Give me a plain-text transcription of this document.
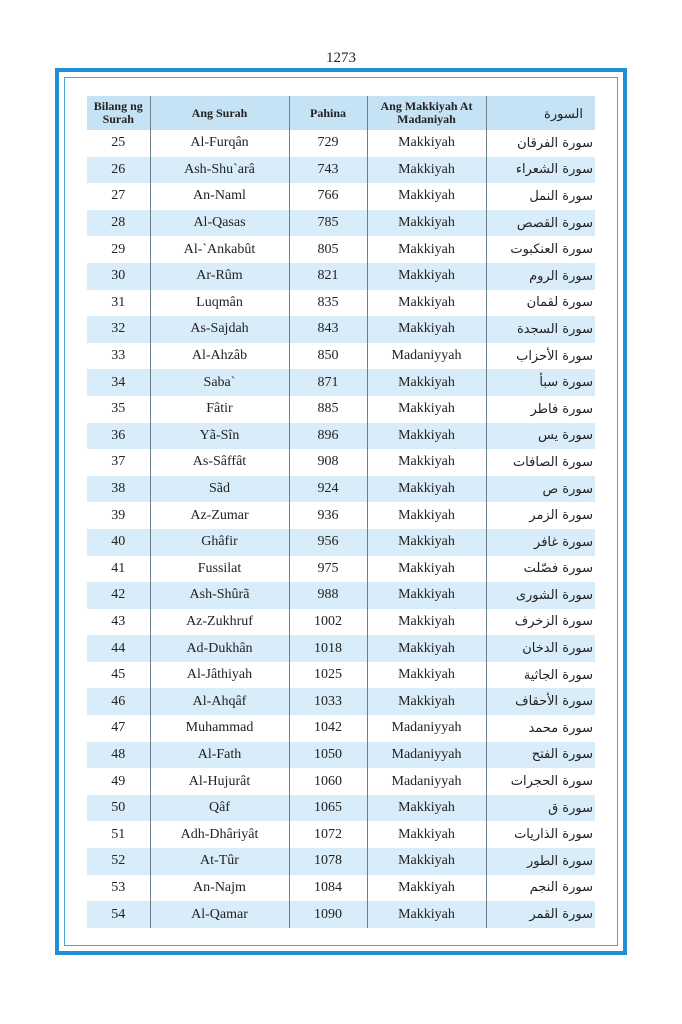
1273
Bilang ng Surah	Ang Surah	Pahina	Ang Makkiyah At Madaniyah	السورة
25	Al-Furqân	729	Makkiyah	سورة الفرقان
26	Ash-Shu`arâ	743	Makkiyah	سورة الشعراء
27	An-Naml	766	Makkiyah	سورة النمل
28	Al-Qasas	785	Makkiyah	سورة القصص
29	Al-`Ankabût	805	Makkiyah	سورة العنكبوت
30	Ar-Rûm	821	Makkiyah	سورة الروم
31	Luqmân	835	Makkiyah	سورة لقمان
32	As-Sajdah	843	Makkiyah	سورة السجدة
33	Al-Ahzâb	850	Madaniyyah	سورة الأحزاب
34	Saba`	871	Makkiyah	سورة سبأ
35	Fâtir	885	Makkiyah	سورة فاطر
36	Yã-Sîn	896	Makkiyah	سورة يس
37	As-Sâffât	908	Makkiyah	سورة الصافات
38	Sãd	924	Makkiyah	سورة ص
39	Az-Zumar	936	Makkiyah	سورة الزمر
40	Ghâfir	956	Makkiyah	سورة غافر
41	Fussilat	975	Makkiyah	سورة فصّلت
42	Ash-Shûrã	988	Makkiyah	سورة الشورى
43	Az-Zukhruf	1002	Makkiyah	سورة الزخرف
44	Ad-Dukhân	1018	Makkiyah	سورة الدخان
45	Al-Jâthiyah	1025	Makkiyah	سورة الجاثية
46	Al-Ahqâf	1033	Makkiyah	سورة الأحقاف
47	Muhammad	1042	Madaniyyah	سورة محمد
48	Al-Fath	1050	Madaniyyah	سورة الفتح
49	Al-Hujurât	1060	Madaniyyah	سورة الحجرات
50	Qâf	1065	Makkiyah	سورة ق
51	Adh-Dhâriyât	1072	Makkiyah	سورة الذاريات
52	At-Tûr	1078	Makkiyah	سورة الطور
53	An-Najm	1084	Makkiyah	سورة النجم
54	Al-Qamar	1090	Makkiyah	سورة القمر
